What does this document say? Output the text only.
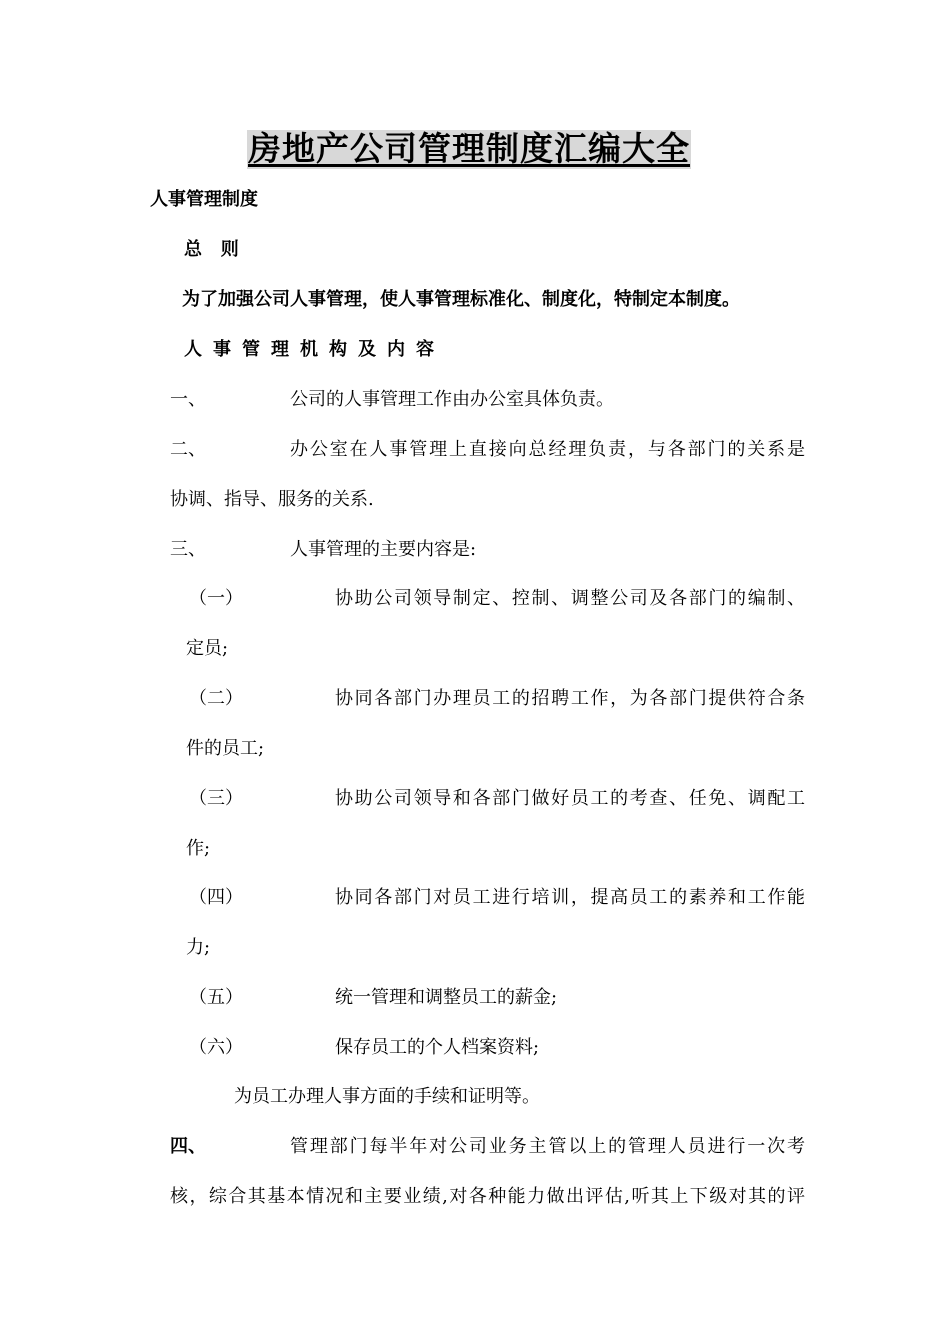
房地产公司管理制度汇编大全
人事管理制度
总   则
为了加强公司人事管理，使人事管理标准化、制度化，特制定本制度。
人事管理机构及内容
一、	公司的人事管理工作由办公室具体负责。
二、	办公室在人事管理上直接向总经理负责，与各部门的关系是
协调、指导、服务的关系.
三、	人事管理的主要内容是:
（一）	协助公司领导制定、控制、调整公司及各部门的编制、
定员;
（二）	协同各部门办理员工的招聘工作，为各部门提供符合条
件的员工;
（三）	协助公司领导和各部门做好员工的考查、任免、调配工
作;
（四）	协同各部门对员工进行培训，提高员工的素养和工作能
力;
（五）	统一管理和调整员工的薪金;
（六）	保存员工的个人档案资料;
为员工办理人事方面的手续和证明等。
四、	管理部门每半年对公司业务主管以上的管理人员进行一次考
核，综合其基本情况和主要业绩,对各种能力做出评估,听其上下级对其的评
